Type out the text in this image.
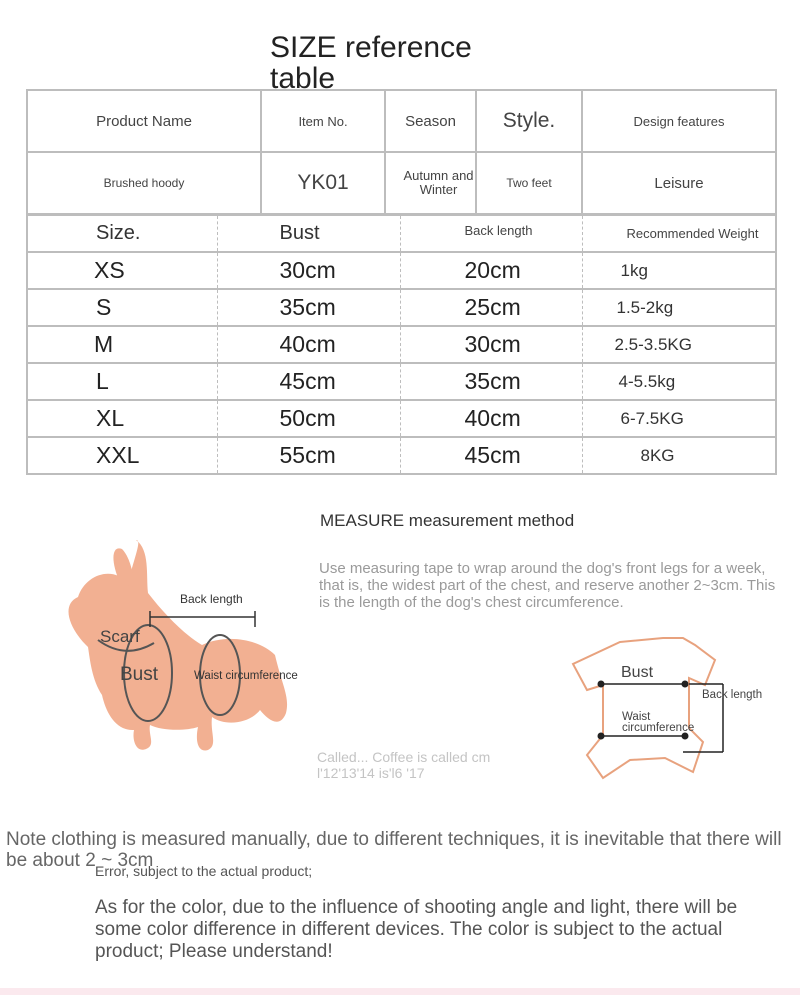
SIZE reference table
Product Name	Item No.	Season	Style.	Design features
Brushed hoody	YK01	Autumn and Winter	Two feet	Leisure
Size.	Bust	Back length	Recommended Weight
XS	30cm	20cm	1kg
S	35cm	25cm	1.5-2kg
M	40cm	30cm	2.5-3.5KG
L	45cm	35cm	4-5.5kg
XL	50cm	40cm	6-7.5KG
XXL	55cm	45cm	8KG
MEASURE measurement method
Use measuring tape to wrap around the dog's front legs for a week, that is, the widest part of the chest, and reserve another 2~3cm. This is the length of the dog's chest circumference.
Back length
Scarf
Bust	Waist circumference	Bust
Back length
Waist
circumference
Called... Coffee is called cm
l'12'13'14 is'l6 '17
Note clothing is measured manually, due to different techniques, it is inevitable that there will be about 2 ~ 3cm
Error, subject to the actual product;
As for the color, due to the influence of shooting angle and light, there will be some color difference in different devices. The color is subject to the actual product; Please understand!
